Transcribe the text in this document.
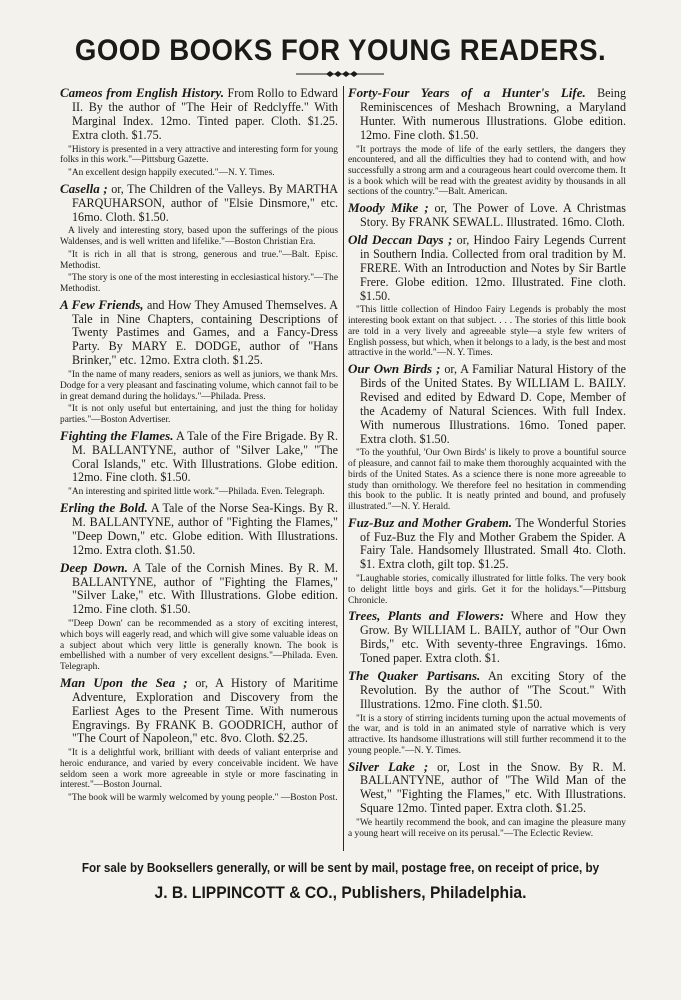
GOOD BOOKS FOR YOUNG READERS.
Cameos from English History. From Rollo to Edward II. By the author of "The Heir of Redclyffe." With Marginal Index. 12mo. Tinted paper. Cloth. $1.25. Extra cloth. $1.75.
"History is presented in a very attractive and interesting form for young folks in this work."—Pittsburg Gazette.
"An excellent design happily executed."—N. Y. Times.
Casella ; or, The Children of the Valleys. By MARTHA FARQUHARSON, author of "Elsie Dinsmore," etc. 16mo. Cloth. $1.50.
A lively and interesting story, based upon the sufferings of the pious Waldenses, and is well written and lifelike."—Boston Christian Era.
"It is rich in all that is strong, generous and true."—Balt. Episc. Methodist.
"The story is one of the most interesting in ecclesiastical history."—The Methodist.
A Few Friends, and How They Amused Themselves. A Tale in Nine Chapters, containing Descriptions of Twenty Pastimes and Games, and a Fancy-Dress Party. By MARY E. DODGE, author of "Hans Brinker," etc. 12mo. Extra cloth. $1.25.
"In the name of many readers, seniors as well as juniors, we thank Mrs. Dodge for a very pleasant and fascinating volume, which cannot fail to be in great demand during the holidays."—Philada. Press.
"It is not only useful but entertaining, and just the thing for holiday parties."—Boston Advertiser.
Fighting the Flames. A Tale of the Fire Brigade. By R. M. BALLANTYNE, author of "Silver Lake," "The Coral Islands," etc. With Illustrations. Globe edition. 12mo. Fine cloth. $1.50.
"An interesting and spirited little work."—Philada. Even. Telegraph.
Erling the Bold. A Tale of the Norse Sea-Kings. By R. M. BALLANTYNE, author of "Fighting the Flames," "Deep Down," etc. Globe edition. With Illustrations. 12mo. Extra cloth. $1.50.
Deep Down. A Tale of the Cornish Mines. By R. M. BALLANTYNE, author of "Fighting the Flames," "Silver Lake," etc. With Illustrations. Globe edition. 12mo. Fine cloth. $1.50.
"'Deep Down' can be recommended as a story of exciting interest, which boys will eagerly read, and which will give some valuable ideas on a subject about which very little is generally known. The book is embellished with a number of very excellent designs."—Philada. Even. Telegraph.
Man Upon the Sea ; or, A History of Maritime Adventure, Exploration and Discovery from the Earliest Ages to the Present Time. With numerous Engravings. By FRANK B. GOODRICH, author of "The Court of Napoleon," etc. 8vo. Cloth. $2.25.
"It is a delightful work, brilliant with deeds of valiant enterprise and heroic endurance, and varied by every conceivable incident. We have seldom seen a work more agreeable in style or more fascinating in interest."—Boston Journal.
"The book will be warmly welcomed by young people." —Boston Post.
Forty-Four Years of a Hunter's Life. Being Reminiscences of Meshach Browning, a Maryland Hunter. With numerous Illustrations. Globe edition. 12mo. Fine cloth. $1.50.
"It portrays the mode of life of the early settlers, the dangers they encountered, and all the difficulties they had to contend with, and how successfully a strong arm and a courageous heart could overcome them. It is a book which will be read with the greatest avidity by thousands in all sections of the country."—Balt. American.
Moody Mike ; or, The Power of Love. A Christmas Story. By FRANK SEWALL. Illustrated. 16mo. Cloth.
Old Deccan Days ; or, Hindoo Fairy Legends Current in Southern India. Collected from oral tradition by M. FRERE. With an Introduction and Notes by Sir Bartle Frere. Globe edition. 12mo. Illustrated. Fine cloth. $1.50.
"This little collection of Hindoo Fairy Legends is probably the most interesting book extant on that subject. . . . The stories of this little book are told in a very lively and agreeable style—a style few writers of English possess, but which, when it belongs to a lady, is the best and most attractive in the world."—N. Y. Times.
Our Own Birds ; or, A Familiar Natural History of the Birds of the United States. By WILLIAM L. BAILY. Revised and edited by Edward D. Cope, Member of the Academy of Natural Sciences. With full Index. With numerous Illustrations. 16mo. Toned paper. Extra cloth. $1.50.
"To the youthful, 'Our Own Birds' is likely to prove a bountiful source of pleasure, and cannot fail to make them thoroughly acquainted with the birds of the United States. As a science there is none more agreeable to study than ornithology. We therefore feel no hesitation in commending this book to the public. It is neatly printed and bound, and profusely illustrated."—N. Y. Herald.
Fuz-Buz and Mother Grabem. The Wonderful Stories of Fuz-Buz the Fly and Mother Grabem the Spider. A Fairy Tale. Handsomely Illustrated. Small 4to. Cloth. $1. Extra cloth, gilt top. $1.25.
"Laughable stories, comically illustrated for little folks. The very book to delight little boys and girls. Get it for the holidays."—Pittsburg Chronicle.
Trees, Plants and Flowers: Where and How they Grow. By WILLIAM L. BAILY, author of "Our Own Birds," etc. With seventy-three Engravings. 16mo. Toned paper. Extra cloth. $1.
The Quaker Partisans. An exciting Story of the Revolution. By the author of "The Scout." With Illustrations. 12mo. Fine cloth. $1.50.
"It is a story of stirring incidents turning upon the actual movements of the war, and is told in an animated style of narrative which is very attractive. Its handsome illustrations will still further recommend it to the young people."—N. Y. Times.
Silver Lake ; or, Lost in the Snow. By R. M. BALLANTYNE, author of "The Wild Man of the West," "Fighting the Flames," etc. With Illustrations. Square 12mo. Tinted paper. Extra cloth. $1.25.
"We heartily recommend the book, and can imagine the pleasure many a young heart will receive on its perusal."—The Eclectic Review.
For sale by Booksellers generally, or will be sent by mail, postage free, on receipt of price, by
J. B. LIPPINCOTT & CO., Publishers, Philadelphia.
